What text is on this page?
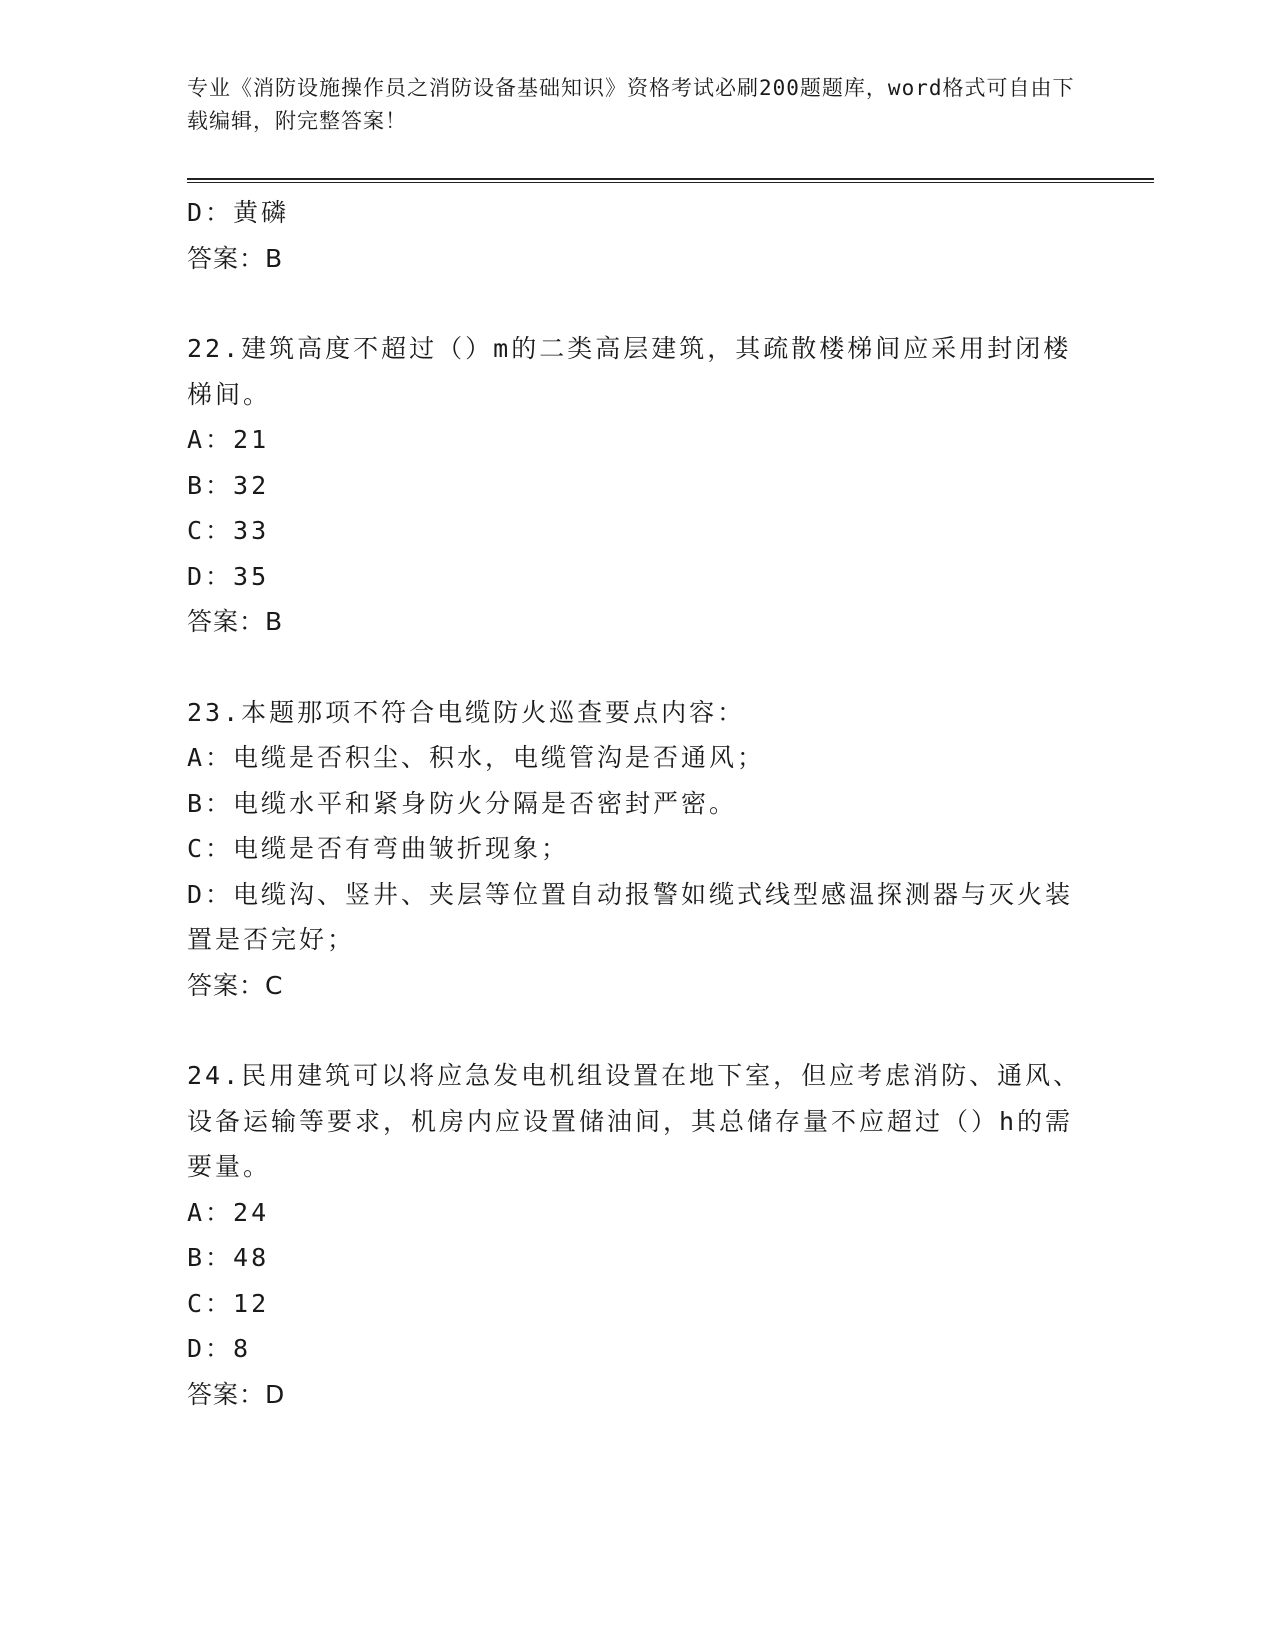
专业《消防设施操作员之消防设备基础知识》资格考试必刷200题题库，word格式可自由下载编辑，附完整答案！
D：黄磷
答案：B
22.建筑高度不超过（）m的二类高层建筑，其疏散楼梯间应采用封闭楼梯间。
A：21
B：32
C：33
D：35
答案：B
23.本题那项不符合电缆防火巡查要点内容：
A：电缆是否积尘、积水，电缆管沟是否通风；
B：电缆水平和紧身防火分隔是否密封严密。
C：电缆是否有弯曲皱折现象；
D：电缆沟、竖井、夹层等位置自动报警如缆式线型感温探测器与灭火装置是否完好；
答案：C
24.民用建筑可以将应急发电机组设置在地下室，但应考虑消防、通风、设备运输等要求，机房内应设置储油间，其总储存量不应超过（）h的需要量。
A：24
B：48
C：12
D：8
答案：D
